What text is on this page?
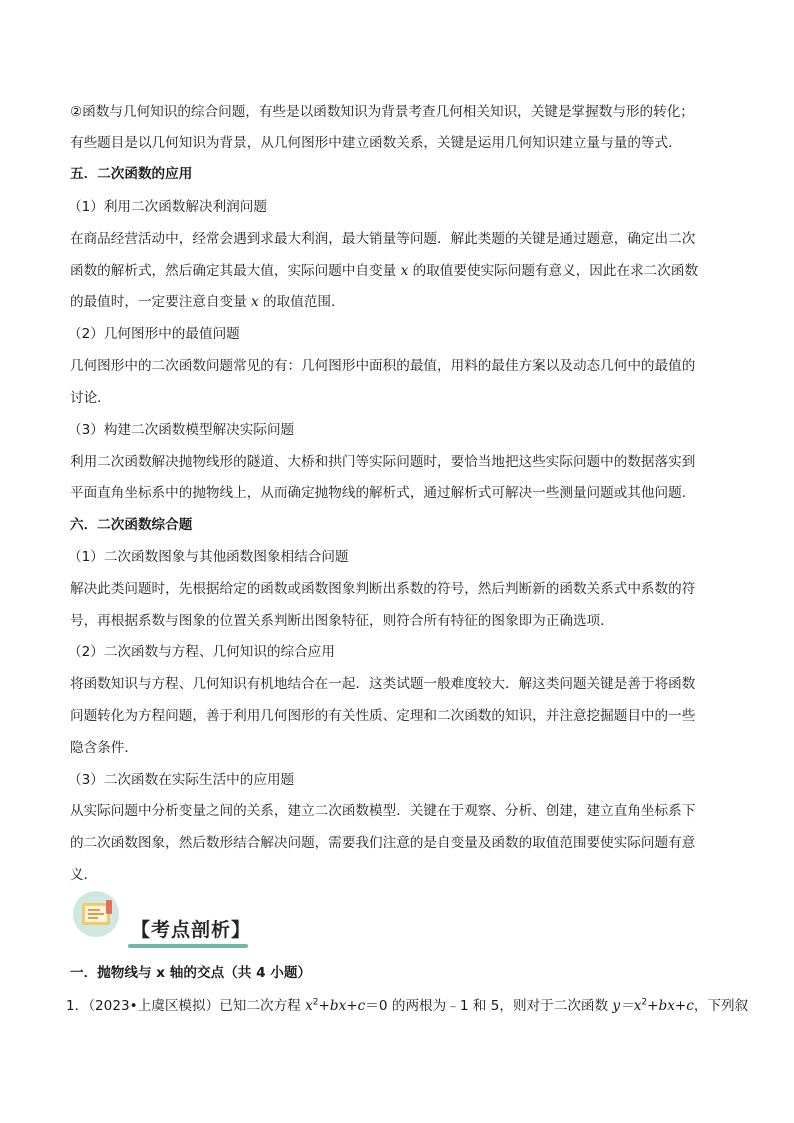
②函数与几何知识的综合问题，有些是以函数知识为背景考查几何相关知识，关键是掌握数与形的转化；
有些题目是以几何知识为背景，从几何图形中建立函数关系，关键是运用几何知识建立量与量的等式．
五．二次函数的应用
（1）利用二次函数解决利润问题
在商品经营活动中，经常会遇到求最大利润，最大销量等问题．解此类题的关键是通过题意，确定出二次
函数的解析式，然后确定其最大值，实际问题中自变量 x 的取值要使实际问题有意义，因此在求二次函数
的最值时，一定要注意自变量 x 的取值范围．
（2）几何图形中的最值问题
几何图形中的二次函数问题常见的有：几何图形中面积的最值，用料的最佳方案以及动态几何中的最值的
讨论．
（3）构建二次函数模型解决实际问题
利用二次函数解决抛物线形的隧道、大桥和拱门等实际问题时，要恰当地把这些实际问题中的数据落实到
平面直角坐标系中的抛物线上，从而确定抛物线的解析式，通过解析式可解决一些测量问题或其他问题．
六．二次函数综合题
（1）二次函数图象与其他函数图象相结合问题
解决此类问题时，先根据给定的函数或函数图象判断出系数的符号，然后判断新的函数关系式中系数的符
号，再根据系数与图象的位置关系判断出图象特征，则符合所有特征的图象即为正确选项．
（2）二次函数与方程、几何知识的综合应用
将函数知识与方程、几何知识有机地结合在一起．这类试题一般难度较大．解这类问题关键是善于将函数
问题转化为方程问题，善于利用几何图形的有关性质、定理和二次函数的知识，并注意挖掘题目中的一些
隐含条件．
（3）二次函数在实际生活中的应用题
从实际问题中分析变量之间的关系，建立二次函数模型．关键在于观察、分析、创建，建立直角坐标系下
的二次函数图象，然后数形结合解决问题，需要我们注意的是自变量及函数的取值范围要使实际问题有意
义．
【考点剖析】
一．抛物线与 x 轴的交点（共 4 小题）
1．（2023•上虞区模拟）已知二次方程 $x^2+bx+c=0$ 的两根为﹣1 和 5，则对于二次函数 $y=x^2+bx+c$，下列叙
